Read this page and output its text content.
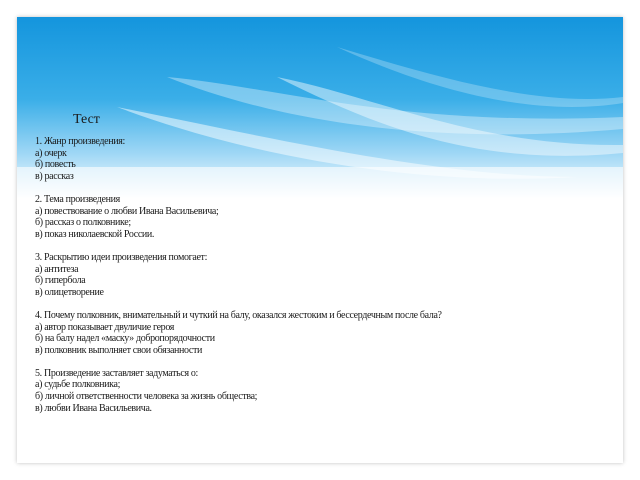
Тест
1. Жанр произведения:
а) очерк
б) повесть
в) рассказ
2. Тема произведения
а) повествование о любви Ивана Васильевича;
б) рассказ о полковнике;
в) показ николаевской России.
3. Раскрытию идеи произведения помогает:
а) антитеза
б) гипербола
в) олицетворение
4. Почему полковник, внимательный и чуткий на балу, оказался жестоким и бессердечным после бала?
а) автор показывает двуличие героя
б) на балу надел «маску» добропорядочности
в) полковник выполняет свои обязанности
5. Произведение заставляет задуматься о:
а) судьбе полковника;
б) личной ответственности человека за жизнь общества;
в) любви Ивана Васильевича.
